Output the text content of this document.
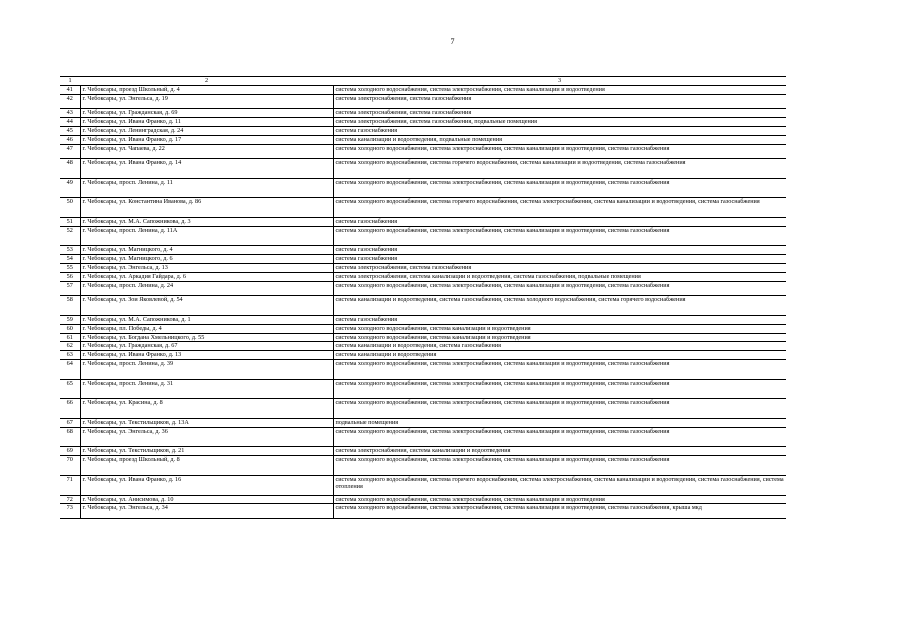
7
1	2	3
41	г. Чебоксары, проезд Школьный, д. 4	система холодного водоснабжения, система электроснабжения, система канализации и водоотведения
42	г. Чебоксары, ул. Энгельса, д. 19	система электроснабжения, система газоснабжения
43	г. Чебоксары, ул. Гражданская, д. 69	система электроснабжения, система газоснабжения
44	г. Чебоксары, ул. Ивана Франко, д. 11	система электроснабжения, система газоснабжения, подвальные помещения
45	г. Чебоксары, ул. Ленинградская, д. 24	система газоснабжения
46	г. Чебоксары, ул. Ивана Франко, д. 17	система канализации и водоотведения, подвальные помещения
47	г. Чебоксары, ул. Чапаева, д. 22	система холодного водоснабжения, система электроснабжения, система канализации и водоотведения, система газоснабжения
48	г. Чебоксары, ул. Ивана Франко, д. 14	система холодного водоснабжения, система горячего водоснабжения, система канализации и водоотведения, система газоснабжения
49	г. Чебоксары, просп. Ленина, д. 11	система холодного водоснабжения, система электроснабжения, система канализации и водоотведения, система газоснабжения
50	г. Чебоксары, ул. Константина Иванова, д. 86	система холодного водоснабжения, система горячего водоснабжения, система электроснабжения, система канализации и водоотведения, система газоснабжения
51	г. Чебоксары, ул. М.А. Сапожникова, д. 3	система газоснабжения
52	г. Чебоксары, просп. Ленина, д. 11А	система холодного водоснабжения, система электроснабжения, система канализации и водоотведения, система газоснабжения
53	г. Чебоксары, ул. Магницкого, д. 4	система газоснабжения
54	г. Чебоксары, ул. Магницкого, д. 6	система газоснабжения
55	г. Чебоксары, ул. Энгельса, д. 13	система электроснабжения, система газоснабжения
56	г. Чебоксары, ул. Аркадия Гайдара, д. 6	система электроснабжения, система канализации и водоотведения, система газоснабжения, подвальные помещения
57	г. Чебоксары, просп. Ленина, д. 24	система холодного водоснабжения, система электроснабжения, система канализации и водоотведения, система газоснабжения
58	г. Чебоксары, ул. Зои Яковлевой, д. 54	система канализации и водоотведения, система газоснабжения, система холодного водоснабжения, система горячего водоснабжения
59	г. Чебоксары, ул. М.А. Сапожникова, д. 1	система газоснабжения
60	г. Чебоксары, пл. Победы, д. 4	система холодного водоснабжения, система канализации и водоотведения
61	г. Чебоксары, ул. Богдана Хмельницкого, д. 55	система холодного водоснабжения, система канализации и водоотведения
62	г. Чебоксары, ул. Гражданская, д. 67	система канализации и водоотведения, система газоснабжения
63	г. Чебоксары, ул. Ивана Франко, д. 13	система канализации и водоотведения
64	г. Чебоксары, просп. Ленина, д. 39	система холодного водоснабжения, система электроснабжения, система канализации и водоотведения, система газоснабжения
65	г. Чебоксары, просп. Ленина, д. 31	система холодного водоснабжения, система электроснабжения, система канализации и водоотведения, система газоснабжения
66	г. Чебоксары, ул. Красина, д. 8	система холодного водоснабжения, система электроснабжения, система канализации и водоотведения, система газоснабжения
67	г. Чебоксары, ул. Текстильщиков, д. 13А	подвальные помещения
68	г. Чебоксары, ул. Энгельса, д. 36	система холодного водоснабжения, система электроснабжения, система канализации и водоотведения, система газоснабжения
69	г. Чебоксары, ул. Текстильщиков, д. 21	система электроснабжения, система канализации и водоотведения
70	г. Чебоксары, проезд Школьный, д. 8	система холодного водоснабжения, система электроснабжения, система канализации и водоотведения, система газоснабжения
71	г. Чебоксары, ул. Ивана Франко, д. 16	система холодного водоснабжения, система горячего водоснабжения, система электроснабжения, система канализации и водоотведения, система газоснабжения, система отопления
72	г. Чебоксары, ул. Анисимова, д. 10	система холодного водоснабжения, система электроснабжения, система канализации и водоотведения
73	г. Чебоксары, ул. Энгельса, д. 34	система холодного водоснабжения, система электроснабжения, система канализации и водоотведения, система газоснабжения, крыша мкд
